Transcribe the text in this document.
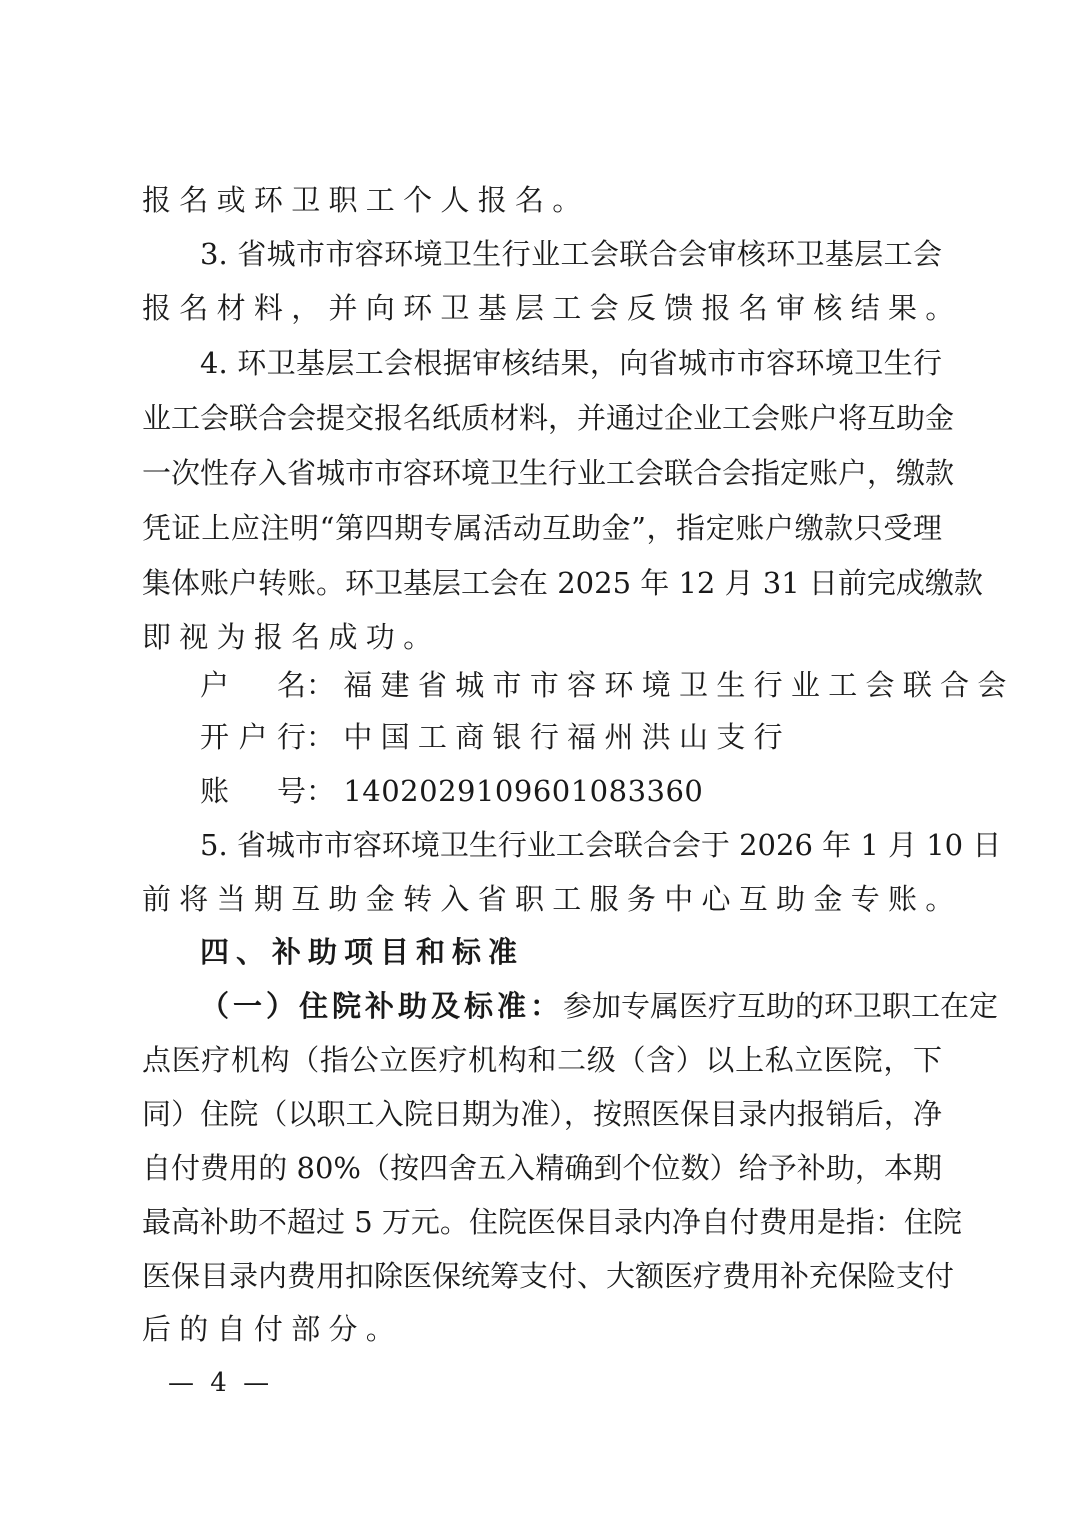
报名或环卫职工个人报名。
3. 省城市市容环境卫生行业工会联合会审核环卫基层工会
报名材料，并向环卫基层工会反馈报名审核结果。
4. 环卫基层工会根据审核结果，向省城市市容环境卫生行
业工会联合会提交报名纸质材料，并通过企业工会账户将互助金
一次性存入省城市市容环境卫生行业工会联合会指定账户，缴款
凭证上应注明“第四期专属活动互助金”，指定账户缴款只受理
集体账户转账。环卫基层工会在 2025 年 12 月 31 日前完成缴款
即视为报名成功。
户名：福建省城市市容环境卫生行业工会联合会
开户行：中国工商银行福州洪山支行
账号：1402029109601083360
5. 省城市市容环境卫生行业工会联合会于 2026 年 1 月 10 日
前将当期互助金转入省职工服务中心互助金专账。
四、补助项目和标准
（一）住院补助及标准： 参加专属医疗互助的环卫职工在定
点医疗机构（指公立医疗机构和二级（含）以上私立医院，下
同）住院（以职工入院日期为准），按照医保目录内报销后，净
自付费用的 80%（按四舍五入精确到个位数）给予补助，本期
最高补助不超过 5 万元。住院医保目录内净自付费用是指：住院
医保目录内费用扣除医保统筹支付、大额医疗费用补充保险支付
后的自付部分。
— 4 —
